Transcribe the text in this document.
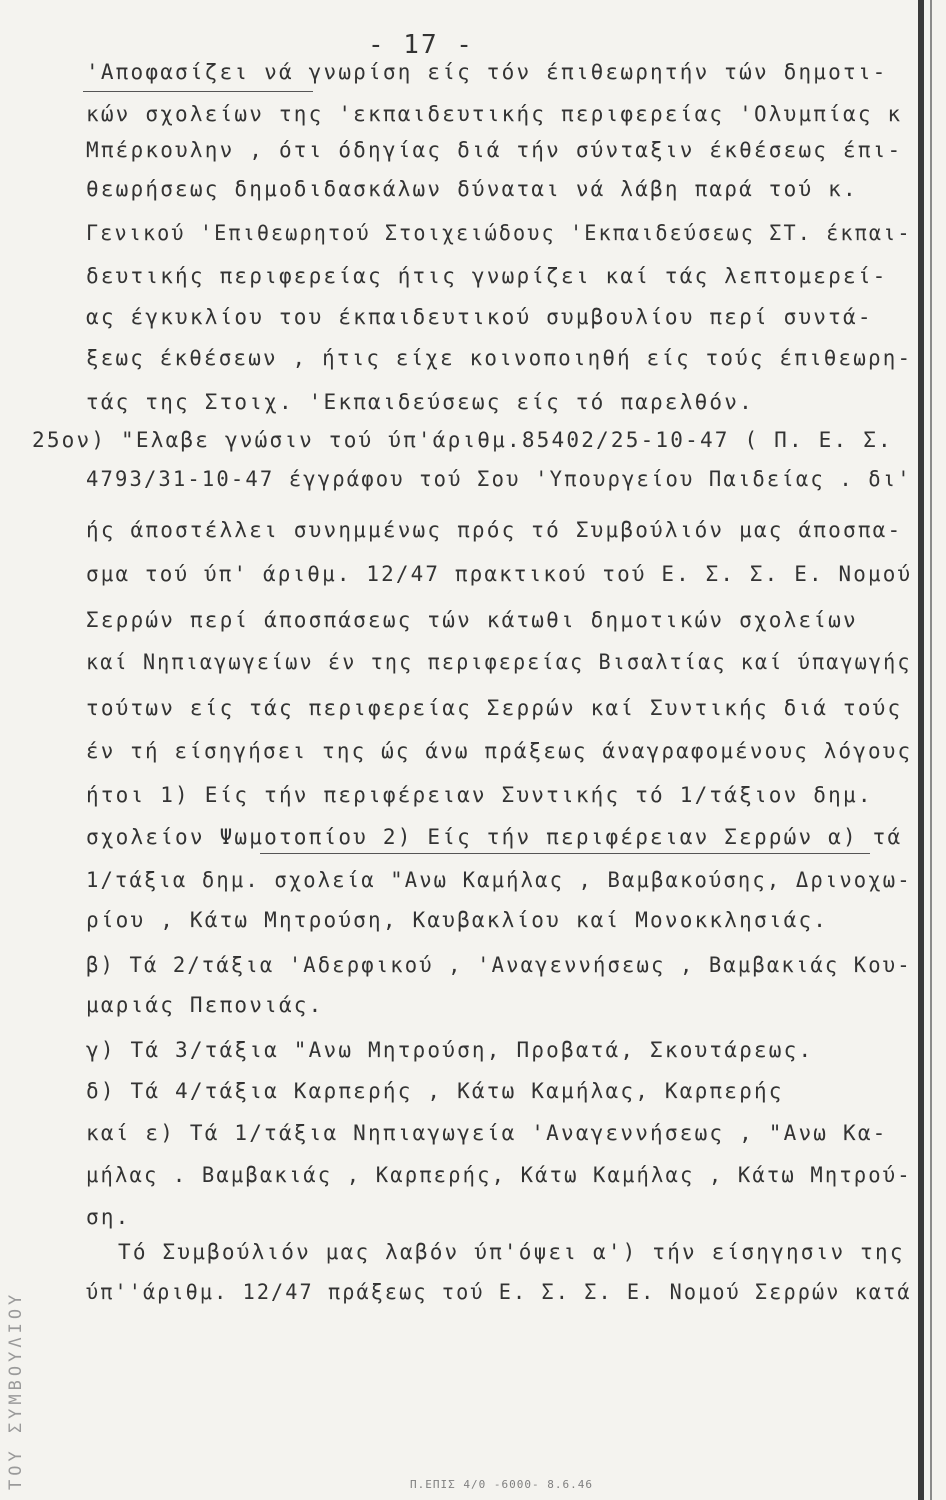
- 17 -
'Αποφασίζει νά γνωρίση είς τόν έπιθεωρητήν τών δημοτι-
κών σχολείων της 'εκπαιδευτικής περιφερείας 'Ολυμπίας κ
Μπέρκουλην , ότι όδηγίας διά τήν σύνταξιν έκθέσεως έπι-
θεωρήσεως δημοδιδασκάλων δύναται νά λάβη παρά τού κ.
Γενικού 'Επιθεωρητού Στοιχειώδους 'Εκπαιδεύσεως ΣΤ. έκπαι-
δευτικής περιφερείας ήτις γνωρίζει καί τάς λεπτομερεί-
ας έγκυκλίου του έκπαιδευτικού συμβουλίου περί συντά-
ξεως έκθέσεων , ήτις είχε κοινοποιηθή είς τούς έπιθεωρη-
τάς της Στοιχ. 'Εκπαιδεύσεως είς τό παρελθόν.
25ον) "Ελαβε γνώσιν τού ύπ'άριθμ.85402/25-10-47 ( Π. Ε. Σ.
4793/31-10-47 έγγράφου τού Σου 'Υπουργείου Παιδείας . δι'
ής άποστέλλει συνημμένως πρός τό Συμβούλιόν μας άποσπα-
σμα τού ύπ' άριθμ. 12/47 πρακτικού τού Ε. Σ. Σ. Ε. Νομού
Σερρών περί άποσπάσεως τών κάτωθι δημοτικών σχολείων
καί Νηπιαγωγείων έν της περιφερείας Βισαλτίας καί ύπαγωγής
τούτων είς τάς περιφερείας Σερρών καί Συντικής διά τούς
έν τή είσηγήσει της ώς άνω πράξεως άναγραφομένους λόγους
ήτοι 1) Είς τήν περιφέρειαν Συντικής τό 1/τάξιον δημ.
σχολείον Ψωμοτοπίου 2) Είς τήν περιφέρειαν Σερρών α) τά
1/τάξια δημ. σχολεία "Ανω Καμήλας , Βαμβακούσης, Δρινοχω-
ρίου , Κάτω Μητρούση, Καυβακλίου καί Μονοκκλησιάς.
β) Τά 2/τάξια 'Αδερφικού , 'Αναγεννήσεως , Βαμβακιάς Κου-
μαριάς Πεπονιάς.
γ) Τά 3/τάξια "Ανω Μητρούση, Προβατά, Σκουτάρεως.
δ) Τά 4/τάξια Καρπερής , Κάτω Καμήλας, Καρπερής
καί ε) Τά 1/τάξια Νηπιαγωγεία 'Αναγεννήσεως , "Ανω Κα-
μήλας . Βαμβακιάς , Καρπερής, Κάτω Καμήλας , Κάτω Μητρού-
ση.
Τό Συμβούλιόν μας λαβόν ύπ'όψει α') τήν είσηγησιν της
ύπ''άριθμ. 12/47 πράξεως τού Ε. Σ. Σ. Ε. Νομού Σερρών κατά
ΤΟΥ ΣΥΜΒΟΥΛΙΟΥ	Π.ΕΠΙΣ 4/0 -6000- 8.6.46
